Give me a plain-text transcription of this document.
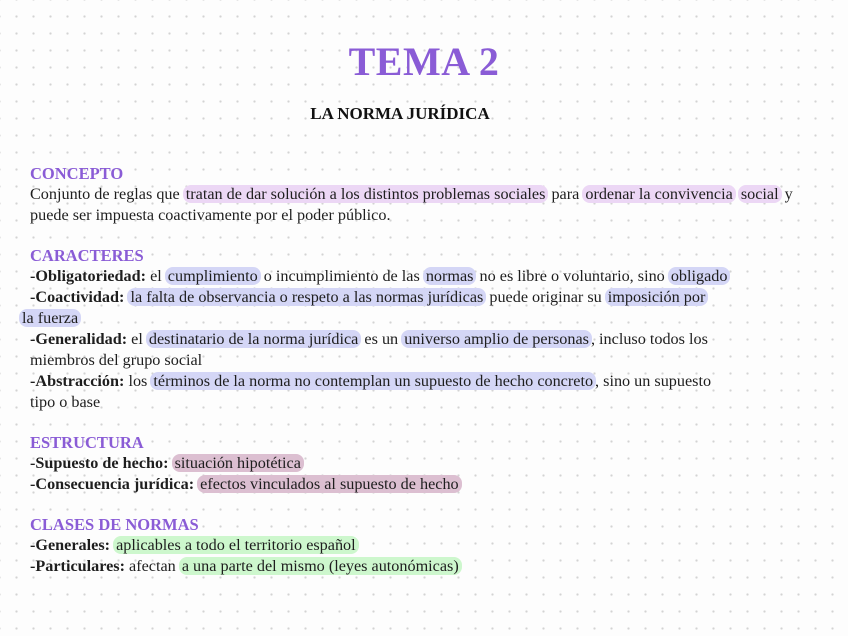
TEMA 2
LA NORMA JURÍDICA
CONCEPTO
Conjunto de reglas que tratan de dar solución a los distintos problemas sociales para ordenar la convivencia social y puede ser impuesta coactivamente por el poder público.
CARACTERES
-Obligatoriedad: el cumplimiento o incumplimiento de las normas no es libre o voluntario, sino obligado
-Coactividad: la falta de observancia o respeto a las normas jurídicas puede originar su imposición por
la fuerza
-Generalidad: el destinatario de la norma jurídica es un universo amplio de personas , incluso todos los
miembros del grupo social
-Abstracción: los términos de la norma no contemplan un supuesto de hecho concreto , sino un supuesto
tipo o base
ESTRUCTURA
-Supuesto de hecho: situación hipotética
-Consecuencia jurídica: efectos vinculados al supuesto de hecho
CLASES DE NORMAS
-Generales: aplicables a todo el territorio español
-Particulares: afectan a una parte del mismo (leyes autonómicas)
